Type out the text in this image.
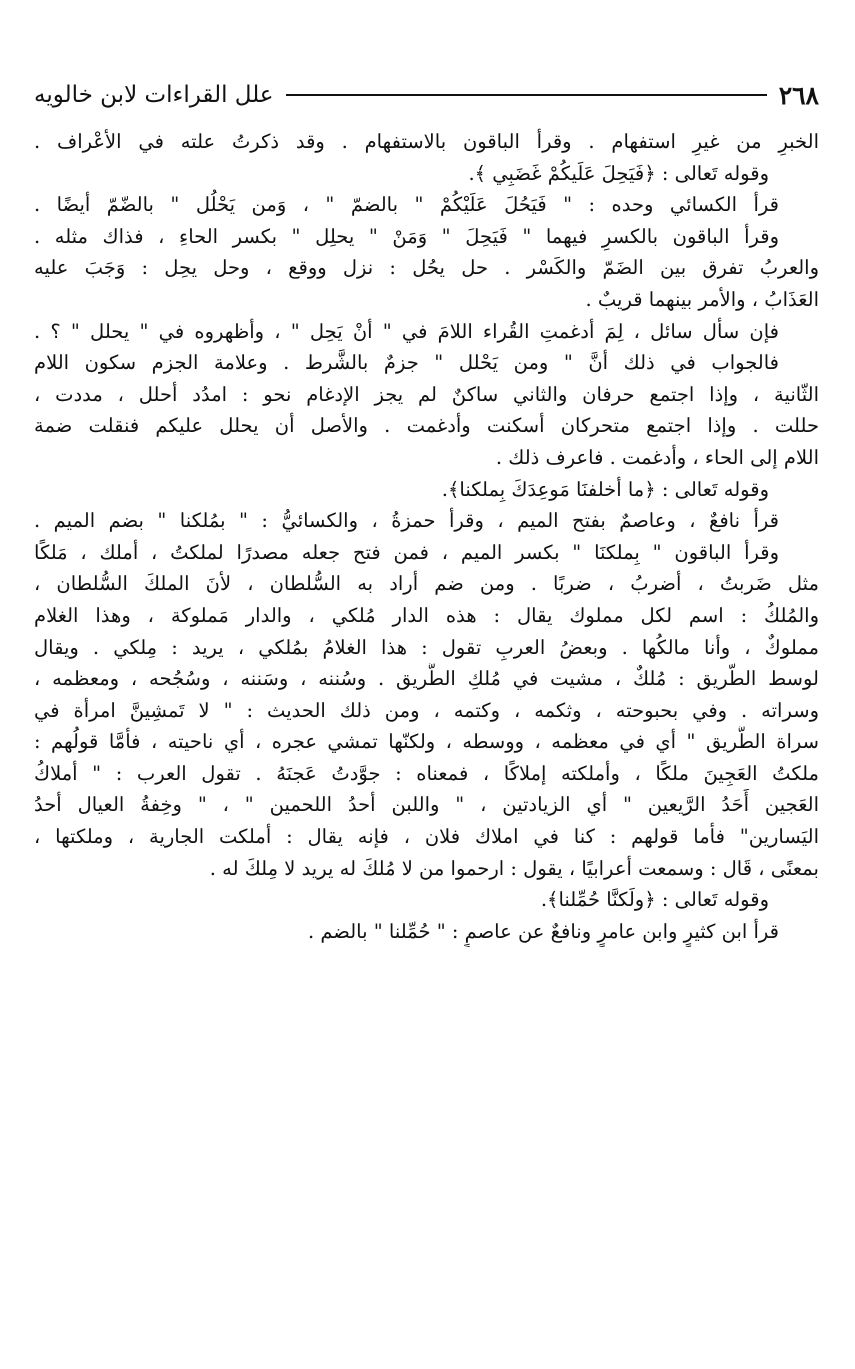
٢٦٨
علل القراءات لابن خالويه
الخبرِ من غيرِ استفهام . وقرأ الباقون بالاستفهام . وقد ذكرتُ علته في الأعْراف .
وقوله تَعالى : ﴿فَيَحِلَ عَلَيكُمْ غَضَبِي ﴾.
قرأ الكسائي وحده : " فَيَحُلَ عَلَيْكُمْ " بالضمّ " ، وَمن يَحْلُل " بالضّمّ أيضًا .
وقرأ الباقون بالكسرِ فيهما " فَيَحِلَ " وَمَنْ " يحلِل " بكسر الحاءِ ، فذاك مثله .
والعربُ تفرق بين الضَمّ والكَسْر . حل يحُل : نزل ووقع ، وحل يحِل : وَجَبَ عليه
العَذَابُ ، والأمر بينهما قريبٌ .
فإن سأل سائل ، لِمَ أدغمتِ القُراء اللامَ في " أنْ يَحِل " ، وأظهروه في " يحلل " ؟ .
فالجواب في ذلك أنَّ " ومن يَحْلل " جزمٌ بالشَّرط . وعلامة الجزم سكون اللام
الثّانية ، وإذا اجتمع حرفان والثاني ساكنٌ لم يجز الإدغام نحو : امدُد أحلل ، مددت ،
حللت . وإذا اجتمع متحركان أسكنت وأدغمت . والأصل أن يحلل عليكم فنقلت ضمة
اللام إلى الحاء ، وأدغمت . فاعرف ذلك .
وقوله تَعالى : ﴿ما أخلفنَا مَوعِدَكَ بِملكنا﴾.
قرأ نافعٌ ، وعاصمٌ بفتح الميم ، وقرأ حمزةُ ، والكسائيُّ : " بمُلكنا " بضم الميم .
وقرأ الباقون " بِملكنَا " بكسر الميم ، فمن فتح جعله مصدرًا لملكتُ ، أملك ، مَلكًا
مثل ضَربتُ ، أضربُ ، ضربًا . ومن ضم أراد به السُّلطان ، لأنَ الملكَ السُّلطان ،
والمُلكُ : اسم لكل مملوك يقال : هذه الدار مُلكي ، والدار مَملوكة ، وهذا الغلام
مملوكٌ ، وأنا مالكُها . وبعضُ العربِ تقول : هذا الغلامُ بمُلكي ، يريد : مِلكي . ويقال
لوسط الطّريق : مُلكٌ ، مشيت في مُلكِ الطَّريق . وسُننه ، وسَننه ، وسُجُحه ، ومعظمه ،
وسراته . وفي بحبوحته ، وثكمه ، وكتمه ، ومن ذلك الحديث : " لا تَمشِينَّ امرأة في
سراة الطَّريق " أي في معظمه ، ووسطه ، ولكنّها تمشي عجره ، أي ناحيته ، فأمَّا قولُهم :
ملكتُ العَجِينَ ملكًا ، وأملكته إملاكًا ، فمعناه : جوَّدتُ عَجنَهُ . تقول العرب : " أملاكُ
العَجين أَحَدُ الرَّيعين " أي الزيادتين ، " واللبن أحدُ اللحمين " ، " وخِفةُ العيال أحدُ
اليَسارين" فأما قولهم : كنا في املاك فلان ، فإنه يقال : أملكت الجارية ، وملكتها ،
بمعنًى ، قَال : وسمعت أعرابيًا ، يقول : ارحموا من لا مُلكَ له يريد لا مِلكَ له .
وقوله تَعالى : ﴿ولَكنَّا حُمِّلنا﴾.
قرأ ابن كثيرٍ وابن عامرٍ ونافعٌ عن عاصمٍ : " حُمِّلنا " بالضم .
